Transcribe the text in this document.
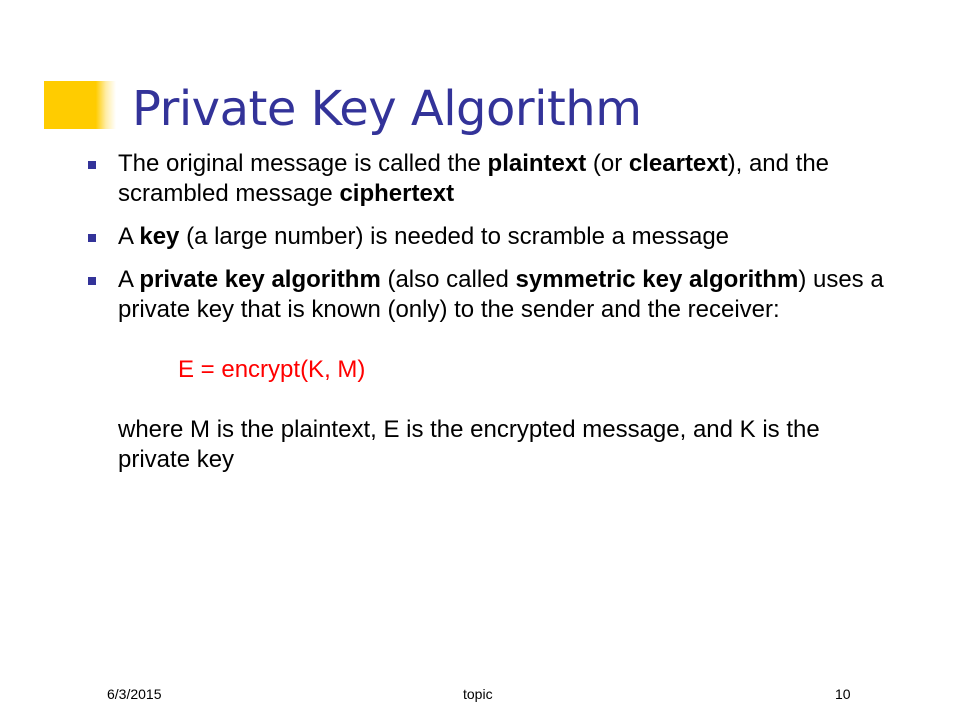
Private Key Algorithm
The original message is called the plaintext (or cleartext), and the scrambled message ciphertext
A key (a large number) is needed to scramble a message
A private key algorithm (also called symmetric key algorithm) uses a private key that is known (only) to the sender and the receiver:
E = encrypt(K, M)
where M is the plaintext, E is the encrypted message, and K is the private key
6/3/2015	topic	10
